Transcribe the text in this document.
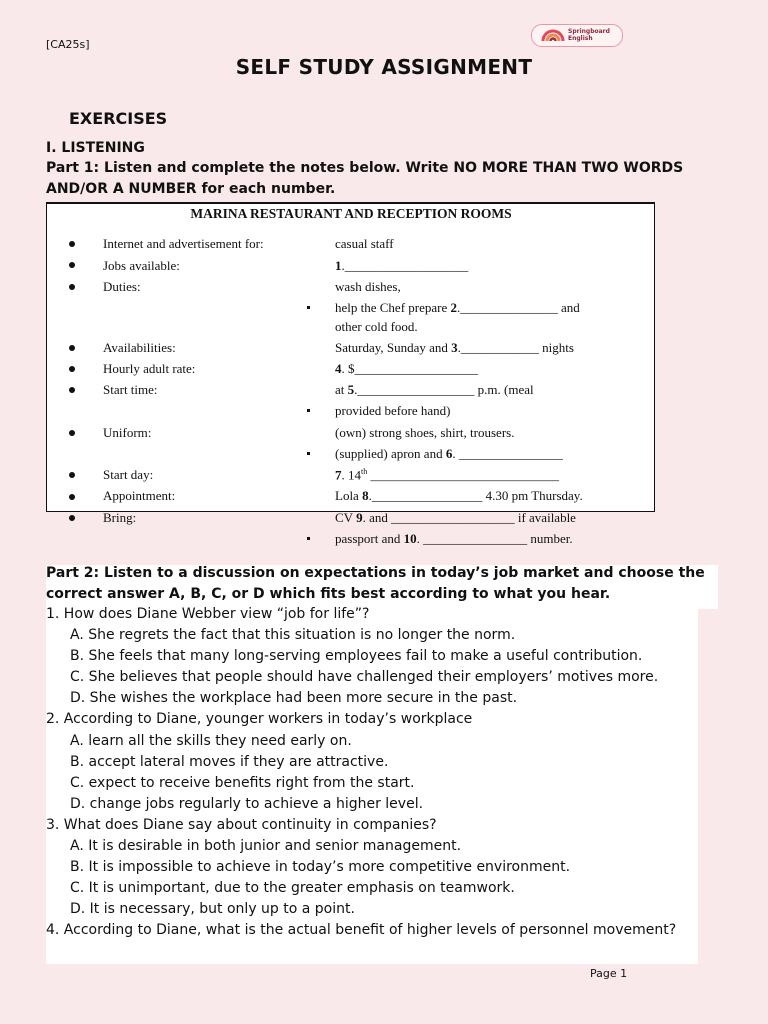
[CA25s]
Springboard
English
SELF STUDY ASSIGNMENT
EXERCISES
I. LISTENING
Part 1: Listen and complete the notes below. Write NO MORE THAN TWO WORDS AND/OR A NUMBER for each number.
MARINA RESTAURANT AND RECEPTION ROOMS
Internet and advertisement for:	casual staff
Jobs available:	1.___________________
Duties:	wash dishes,
help the Chef prepare 2._______________ and
other cold food.
Availabilities:	Saturday, Sunday and 3.____________ nights
Hourly adult rate:	4. $___________________
Start time:	at 5.__________________ p.m. (meal
provided before hand)
Uniform:	(own) strong shoes, shirt, trousers.
(supplied) apron and 6. ________________
Start day:	7. 14th _____________________________
Appointment:	Lola 8._________________ 4.30 pm Thursday.
Bring:	CV 9. and ___________________ if available
passport and 10. ________________ number.
Part 2: Listen to a discussion on expectations in today’s job market and choose the correct answer A, B, C, or D which fits best according to what you hear.
1. How does Diane Webber view “job for life”?
A. She regrets the fact that this situation is no longer the norm.
B. She feels that many long-serving employees fail to make a useful contribution.
C. She believes that people should have challenged their employers’ motives more.
D. She wishes the workplace had been more secure in the past.
2. According to Diane, younger workers in today’s workplace
A. learn all the skills they need early on.
B. accept lateral moves if they are attractive.
C. expect to receive benefits right from the start.
D. change jobs regularly to achieve a higher level.
3. What does Diane say about continuity in companies?
A. It is desirable in both junior and senior management.
B. It is impossible to achieve in today’s more competitive environment.
C. It is unimportant, due to the greater emphasis on teamwork.
D. It is necessary, but only up to a point.
4. According to Diane, what is the actual benefit of higher levels of personnel movement?
Page 1
